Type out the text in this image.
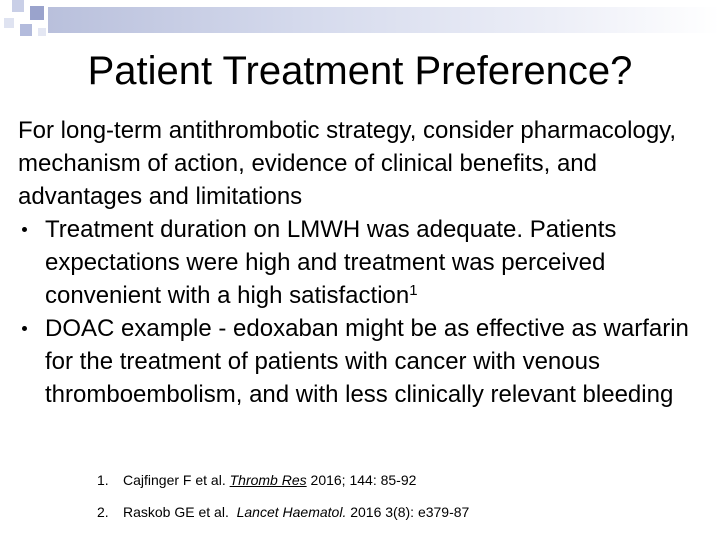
Patient Treatment Preference?

For long-term antithrombotic strategy, consider pharmacology, mechanism of action, evidence of clinical benefits, and advantages and limitations

Treatment duration on LMWH was adequate. Patients expectations were high and treatment was perceived convenient with a high satisfaction$^1$
DOAC example - edoxaban might be as effective as warfarin for the treatment of patients with cancer with venous thromboembolism, and with less clinically relevant bleeding
1. Cajfinger F et al. Thromb Res 2016; 144: 85-92
2. Raskob GE et al.  Lancet Haematol. 2016 3(8): e379-87
